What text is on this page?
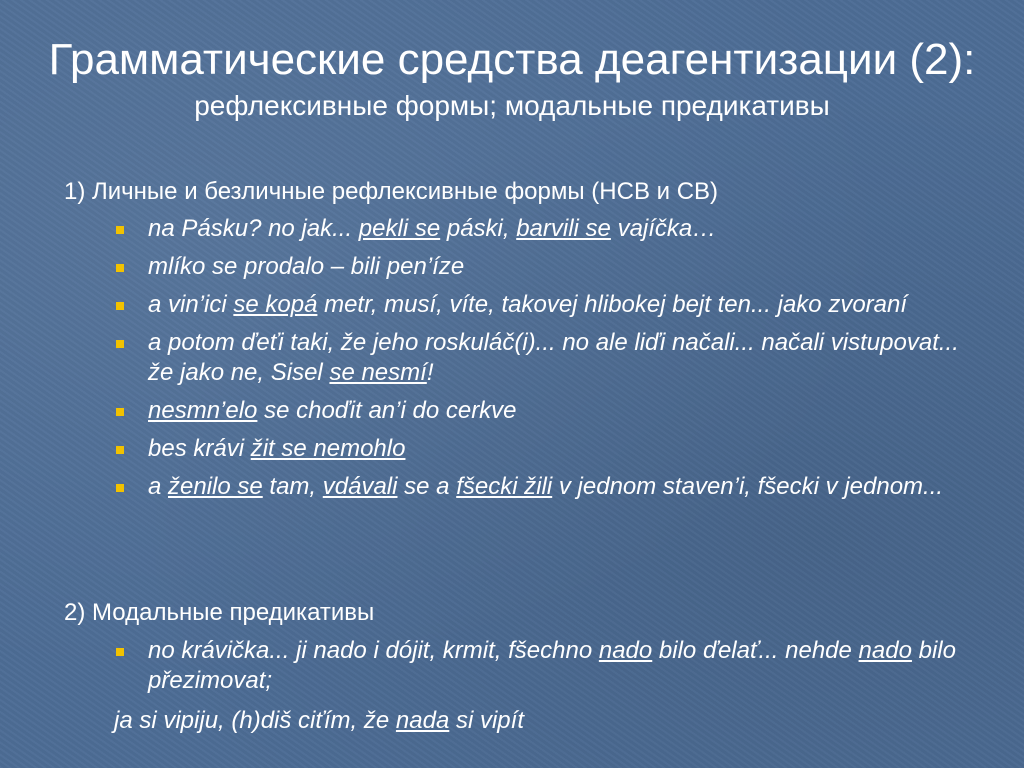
Грамматические средства деагентизации (2):
рефлексивные формы; модальные предикативы
1) Личные и безличные рефлексивные формы (НСВ и СВ)
na Pásku? no jak... pekli se páski, barvili se vajíčka…
mlíko se prodalo – bili pen’íze
a vin’ici se kopá metr, musí, víte, takovej hlibokej bejt ten... jako zvoraní
a potom ďeťi taki, že jeho roskuláč(i)... no ale liďi načali... načali vistupovat... že jako ne, Sisel se nesmí!
nesmn’elo se choďit an’i do cerkve
bes krávi žit se nemohlo
a ženilo se tam, vdávali se a fšecki žili v jednom staven’i, fšecki v jednom...
2) Модальные предикативы
no krávička... ji nado i dójit, krmit, fšechno nado bilo ďelať... nehde nado bilo přezimovat;
ja si vipiju, (h)diš ciťím, že nada si vipít
